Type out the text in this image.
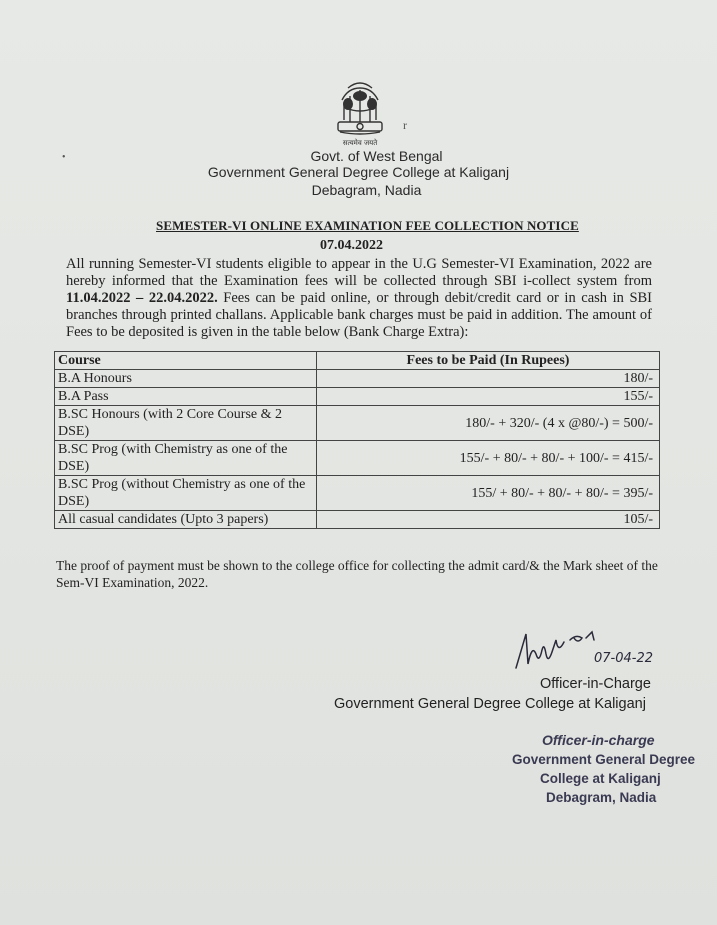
सत्यमेव जयते
•
r
Govt. of West Bengal
Government General Degree College at Kaliganj
Debagram, Nadia
SEMESTER-VI ONLINE EXAMINATION FEE COLLECTION NOTICE
07.04.2022
All running Semester-VI students eligible to appear in the U.G Semester-VI Examination, 2022 are hereby informed that the Examination fees will be collected through SBI i-collect system from 11.04.2022 – 22.04.2022. Fees can be paid online, or through debit/credit card or in cash in SBI branches through printed challans. Applicable bank charges must be paid in addition. The amount of Fees to be deposited is given in the table below (Bank Charge Extra):
Course	Fees to be Paid (In Rupees)
B.A Honours	180/-
B.A Pass	155/-
B.SC Honours (with 2 Core Course & 2 DSE)	180/- + 320/- (4 x @80/-) = 500/-
B.SC Prog (with Chemistry as one of the DSE)	155/- + 80/- + 80/- + 100/- = 415/-
B.SC Prog (without Chemistry as one of the DSE)	155/ + 80/- + 80/- + 80/- = 395/-
All casual candidates (Upto 3 papers)	105/-
The proof of payment must be shown to the college office for collecting the admit card/& the Mark sheet of the Sem-VI Examination, 2022.
07-04-22
Officer-in-Charge
Government General Degree College at Kaliganj
Officer-in-charge
Government General Degree
College at Kaliganj
Debagram, Nadia
